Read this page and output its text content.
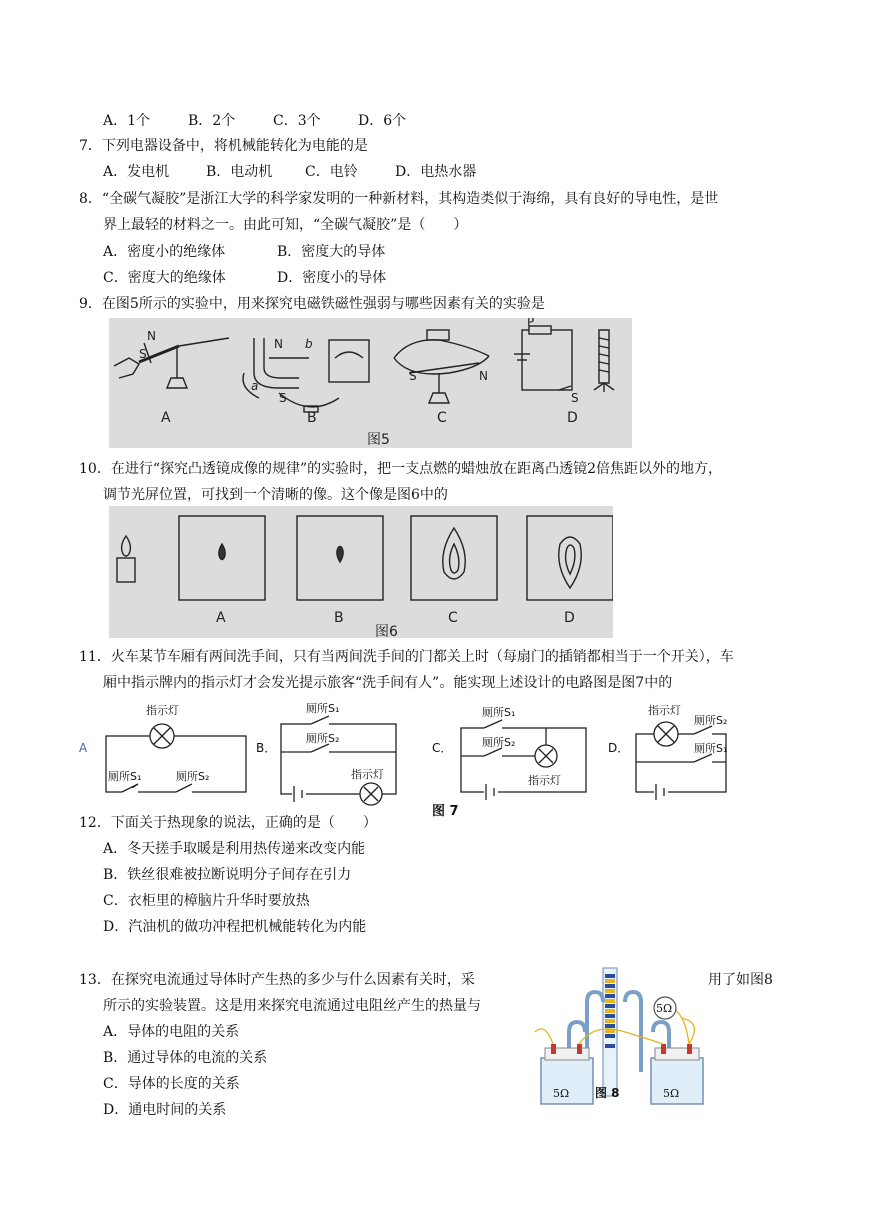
A．1个	B．2个	C．3个	D．6个
7．下列电器设备中，将机械能转化为电能的是
A．发电机	B．电动机 C．电铃	D．电热水器
8．“全碳气凝胶”是浙江大学的科学家发明的一种新材料，其构造类似于海绵，具有良好的导电性，是世
界上最轻的材料之一。由此可知，“全碳气凝胶”是（　　）
A．密度小的绝缘体	B．密度大的导体
C．密度大的绝缘体	D．密度小的导体
9．在图5所示的实验中，用来探究电磁铁磁性强弱与哪些因素有关的实验是
N
S
N b
a
S
S	N
P
S
A	B	C	D
图5
10．在进行“探究凸透镜成像的规律”的实验时，把一支点燃的蜡烛放在距离凸透镜2倍焦距以外的地方，
调节光屏位置，可找到一个清晰的像。这个像是图6中的
A	B	C	D
图6
11．火车某节车厢有两间洗手间，只有当两间洗手间的门都关上时（每扇门的插销都相当于一个开关），车
厢中指示牌内的指示灯才会发光提示旅客“洗手间有人”。能实现上述设计的电路图是图7中的
A
指示灯
厕所S₁	厕所S₂
B．
厕所S₁
厕所S₂
指示灯
C．
厕所S₁
厕所S₂
指示灯
D．
指示灯
厕所S₂
厕所S₁
图 7
12．下面关于热现象的说法，正确的是（　　）
A．冬天搓手取暖是利用热传递来改变内能
B．铁丝很难被拉断说明分子间存在引力
C．衣柜里的樟脑片升华时要放热
D．汽油机的做功冲程把机械能转化为内能
13．在探究电流通过导体时产生热的多少与什么因素有关时，采	用了如图8
所示的实验装置。这是用来探究电流通过电阻丝产生的热量与
A．导体的电阻的关系
B．通过导体的电流的关系
C．导体的长度的关系
D．通电时间的关系
5Ω
5Ω	5Ω
图 8
